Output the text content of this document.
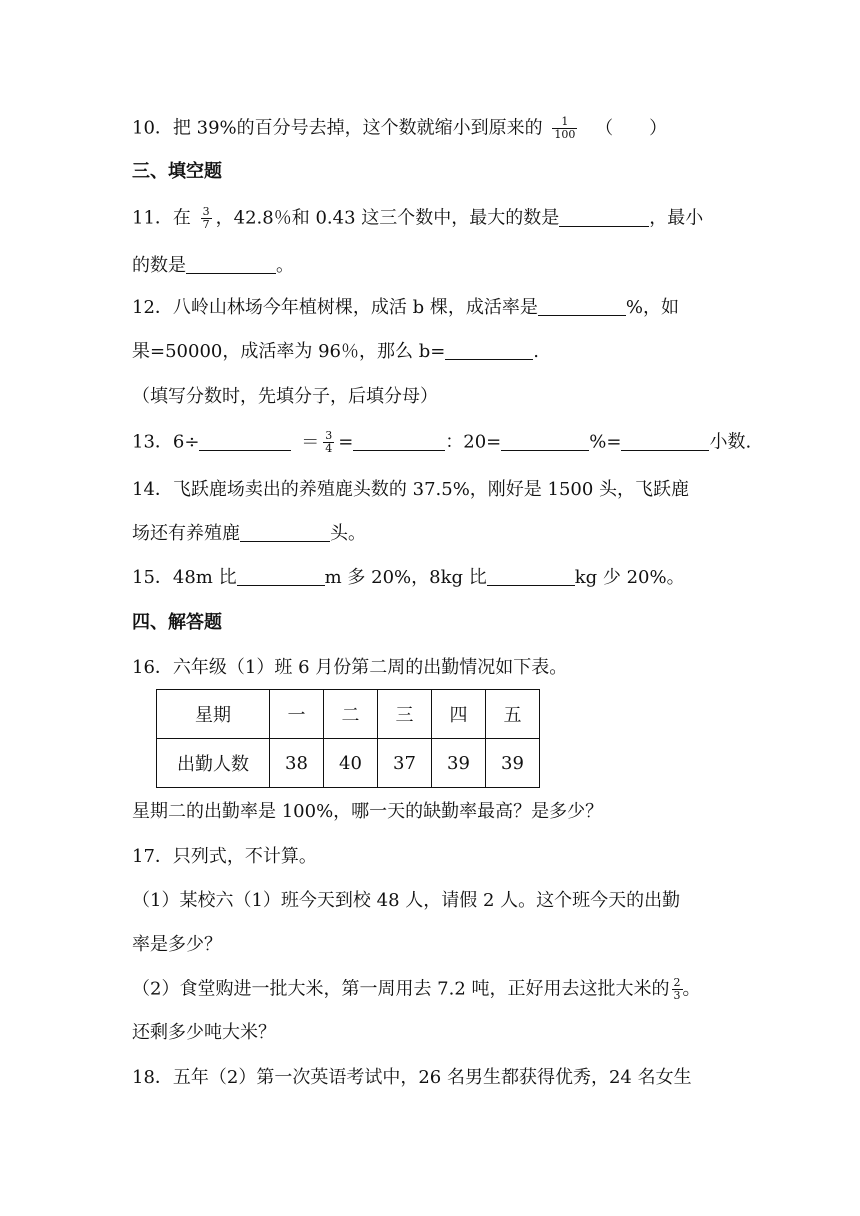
10．把 39%的百分号去掉，这个数就缩小到原来的 $\frac{1}{100}$ （　　）
三、填空题
11．在 $\frac{3}{7}$ ，42.8％和 0.43 这三个数中，最大的数是	，最小
的数是	。
12．八岭山林场今年植树棵，成活 b 棵，成活率是	%，如
果=50000，成活率为 96％，那么 b=	.
（填写分数时，先填分子，后填分母）
13．6÷	＝ $\frac{3}{4}$ =	：20=	%=	小数.
14．飞跃鹿场卖出的养殖鹿头数的 37.5%，刚好是 1500 头，飞跃鹿
场还有养殖鹿	头。
15．48m 比	m 多 20%，8kg 比	kg 少 20%。
四、解答题
16．六年级（1）班 6 月份第二周的出勤情况如下表。
星期	一	二	三	四	五
出勤人数	38	40	37	39	39
星期二的出勤率是 100%，哪一天的缺勤率最高？是多少？
17．只列式，不计算。
（1）某校六（1）班今天到校 48 人，请假 2 人。这个班今天的出勤
率是多少？
（2）食堂购进一批大米，第一周用去 7.2 吨，正好用去这批大米的 $\frac{2}{3}$ 。
还剩多少吨大米？
18．五年（2）第一次英语考试中，26 名男生都获得优秀，24 名女生
